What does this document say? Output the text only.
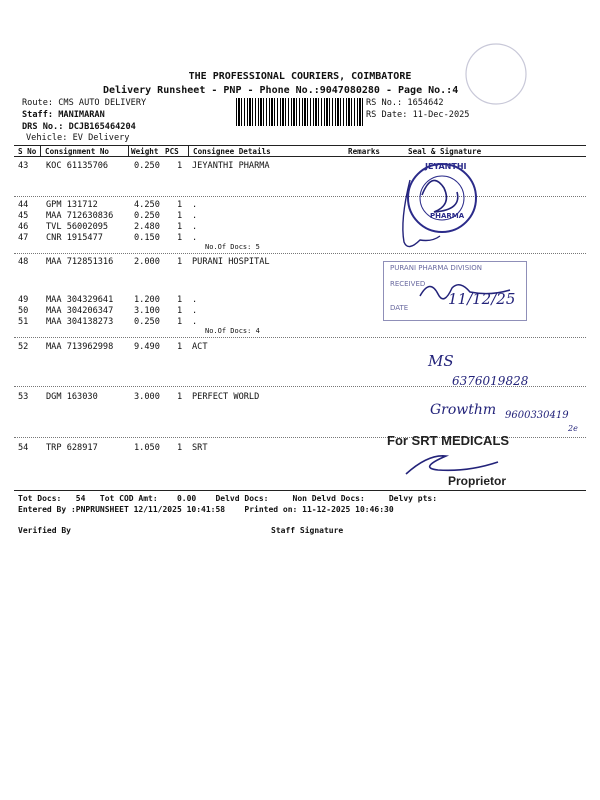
THE PROFESSIONAL COURIERS, COIMBATORE
Delivery Runsheet - PNP - Phone No.:9047080280 - Page No.:4
Route: CMS AUTO DELIVERY
Staff: MANIMARAN
DRS No.: DCJB165464204
Vehicle: EV Delivery
RS No.: 1654642
RS Date: 11-Dec-2025
S No Consignment No	Weight PCS Consignee Details	Remarks	Seal & Signature
43 KOC 61135706	0.250 1 JEYANTHI PHARMA
44 GPM 131712	4.250 1 .
45 MAA 712630836 0.250 1 .
46 TVL 56002095	2.480 1 .
47 CNR 1915477	0.150 1 .
No.Of Docs: 5
48 MAA 712851316 2.000 1 PURANI HOSPITAL
49 MAA 304329641 1.200 1 .
50 MAA 304206347 3.100 1 .
51 MAA 304138273 0.250 1 .
No.Of Docs: 4
52 MAA 713962998 9.490 1 ACT
53 DGM 163030	3.000 1 PERFECT WORLD
54 TRP 628917	1.050 1 SRT
Tot Docs:   54   Tot COD Amt:    0.00    Delvd Docs:     Non Delvd Docs:     Delvy pts:
Entered By :PNPRUNSHEET 12/11/2025 10:41:58    Printed on: 11-12-2025 10:46:30
Verified By	Staff Signature
JEYANTHI
PHARMA
PURANI PHARMA DIVISION
RECEIVED
DATE	11/12/25
MS
6376019828
Growthm 9600330419
2e
For SRT MEDICALS
Proprietor
